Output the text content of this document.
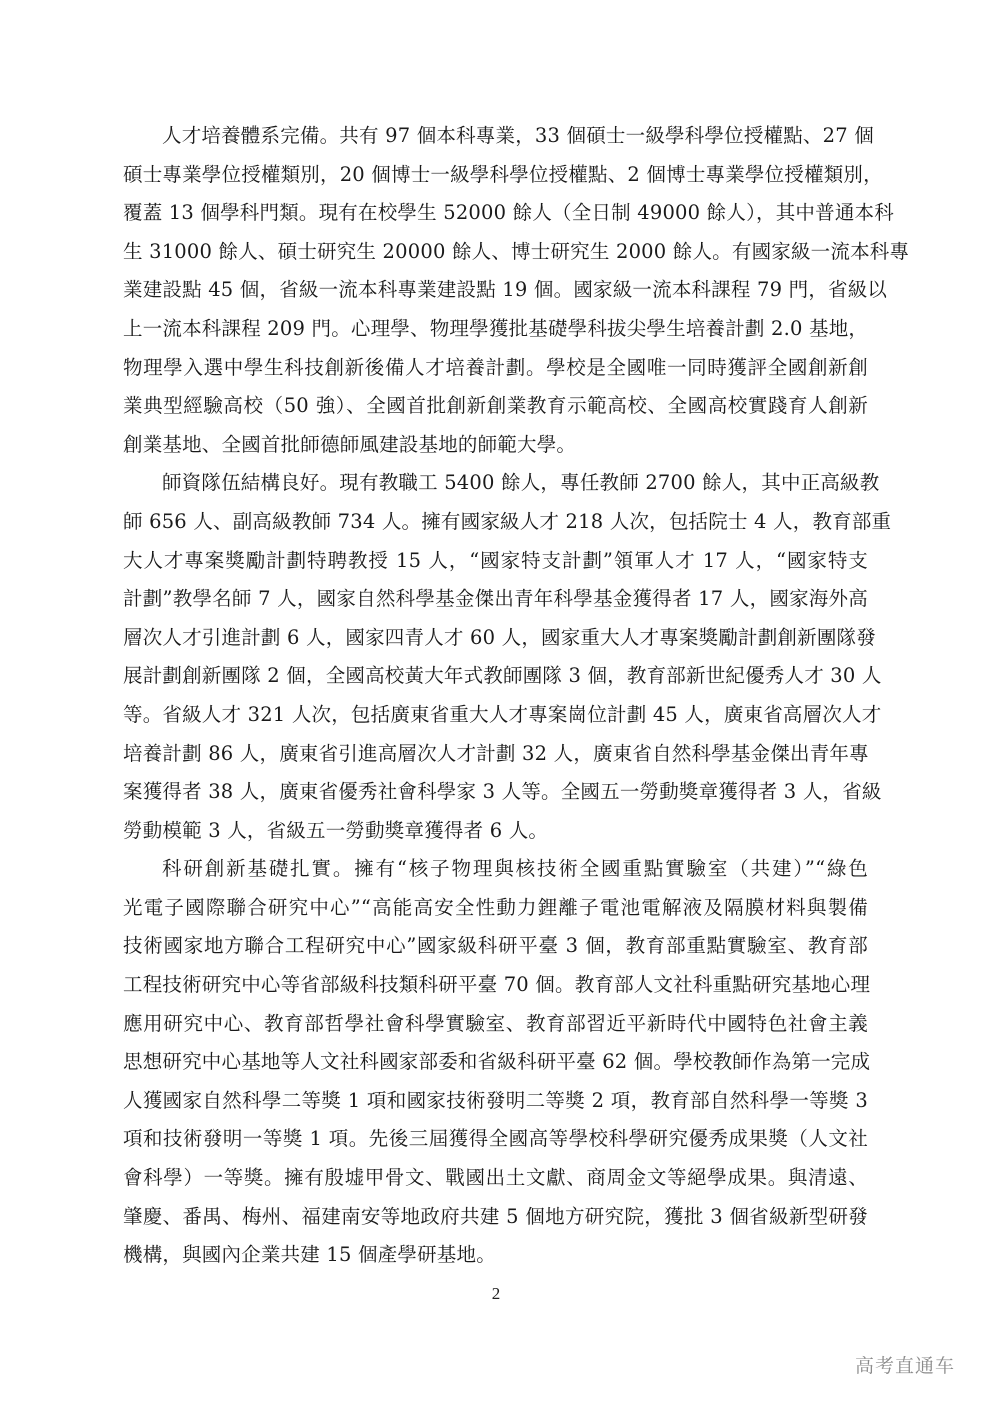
人才培養體系完備。共有 97 個本科專業，33 個碩士一級學科學位授權點、27 個
碩士專業學位授權類別，20 個博士一級學科學位授權點、2 個博士專業學位授權類別，
覆蓋 13 個學科門類。現有在校學生 52000 餘人（全日制 49000 餘人），其中普通本科
生 31000 餘人、碩士研究生 20000 餘人、博士研究生 2000 餘人。有國家級一流本科專
業建設點 45 個，省級一流本科專業建設點 19 個。國家級一流本科課程 79 門，省級以
上一流本科課程 209 門。心理學、物理學獲批基礎學科拔尖學生培養計劃 2.0 基地，
物理學入選中學生科技創新後備人才培養計劃。學校是全國唯一同時獲評全國創新創
業典型經驗高校（50 強）、全國首批創新創業教育示範高校、全國高校實踐育人創新
創業基地、全國首批師德師風建設基地的師範大學。
師資隊伍結構良好。現有教職工 5400 餘人，專任教師 2700 餘人，其中正高級教
師 656 人、副高級教師 734 人。擁有國家級人才 218 人次，包括院士 4 人，教育部重
大人才專案獎勵計劃特聘教授 15 人，“國家特支計劃”領軍人才 17 人，“國家特支
計劃”教學名師 7 人，國家自然科學基金傑出青年科學基金獲得者 17 人，國家海外高
層次人才引進計劃 6 人，國家四青人才 60 人，國家重大人才專案獎勵計劃創新團隊發
展計劃創新團隊 2 個，全國高校黃大年式教師團隊 3 個，教育部新世紀優秀人才 30 人
等。省級人才 321 人次，包括廣東省重大人才專案崗位計劃 45 人，廣東省高層次人才
培養計劃 86 人，廣東省引進高層次人才計劃 32 人，廣東省自然科學基金傑出青年專
案獲得者 38 人，廣東省優秀社會科學家 3 人等。全國五一勞動獎章獲得者 3 人，省級
勞動模範 3 人，省級五一勞動獎章獲得者 6 人。
科研創新基礎扎實。擁有“核子物理與核技術全國重點實驗室（共建）”“綠色
光電子國際聯合研究中心”“高能高安全性動力鋰離子電池電解液及隔膜材料與製備
技術國家地方聯合工程研究中心”國家級科研平臺 3 個，教育部重點實驗室、教育部
工程技術研究中心等省部級科技類科研平臺 70 個。教育部人文社科重點研究基地心理
應用研究中心、教育部哲學社會科學實驗室、教育部習近平新時代中國特色社會主義
思想研究中心基地等人文社科國家部委和省級科研平臺 62 個。學校教師作為第一完成
人獲國家自然科學二等獎 1 項和國家技術發明二等獎 2 項，教育部自然科學一等獎 3
項和技術發明一等獎 1 項。先後三屆獲得全國高等學校科學研究優秀成果獎（人文社
會科學）一等獎。擁有殷墟甲骨文、戰國出土文獻、商周金文等絕學成果。與清遠、
肇慶、番禺、梅州、福建南安等地政府共建 5 個地方研究院，獲批 3 個省級新型研發
機構，與國內企業共建 15 個產學研基地。
2
高考直通车
